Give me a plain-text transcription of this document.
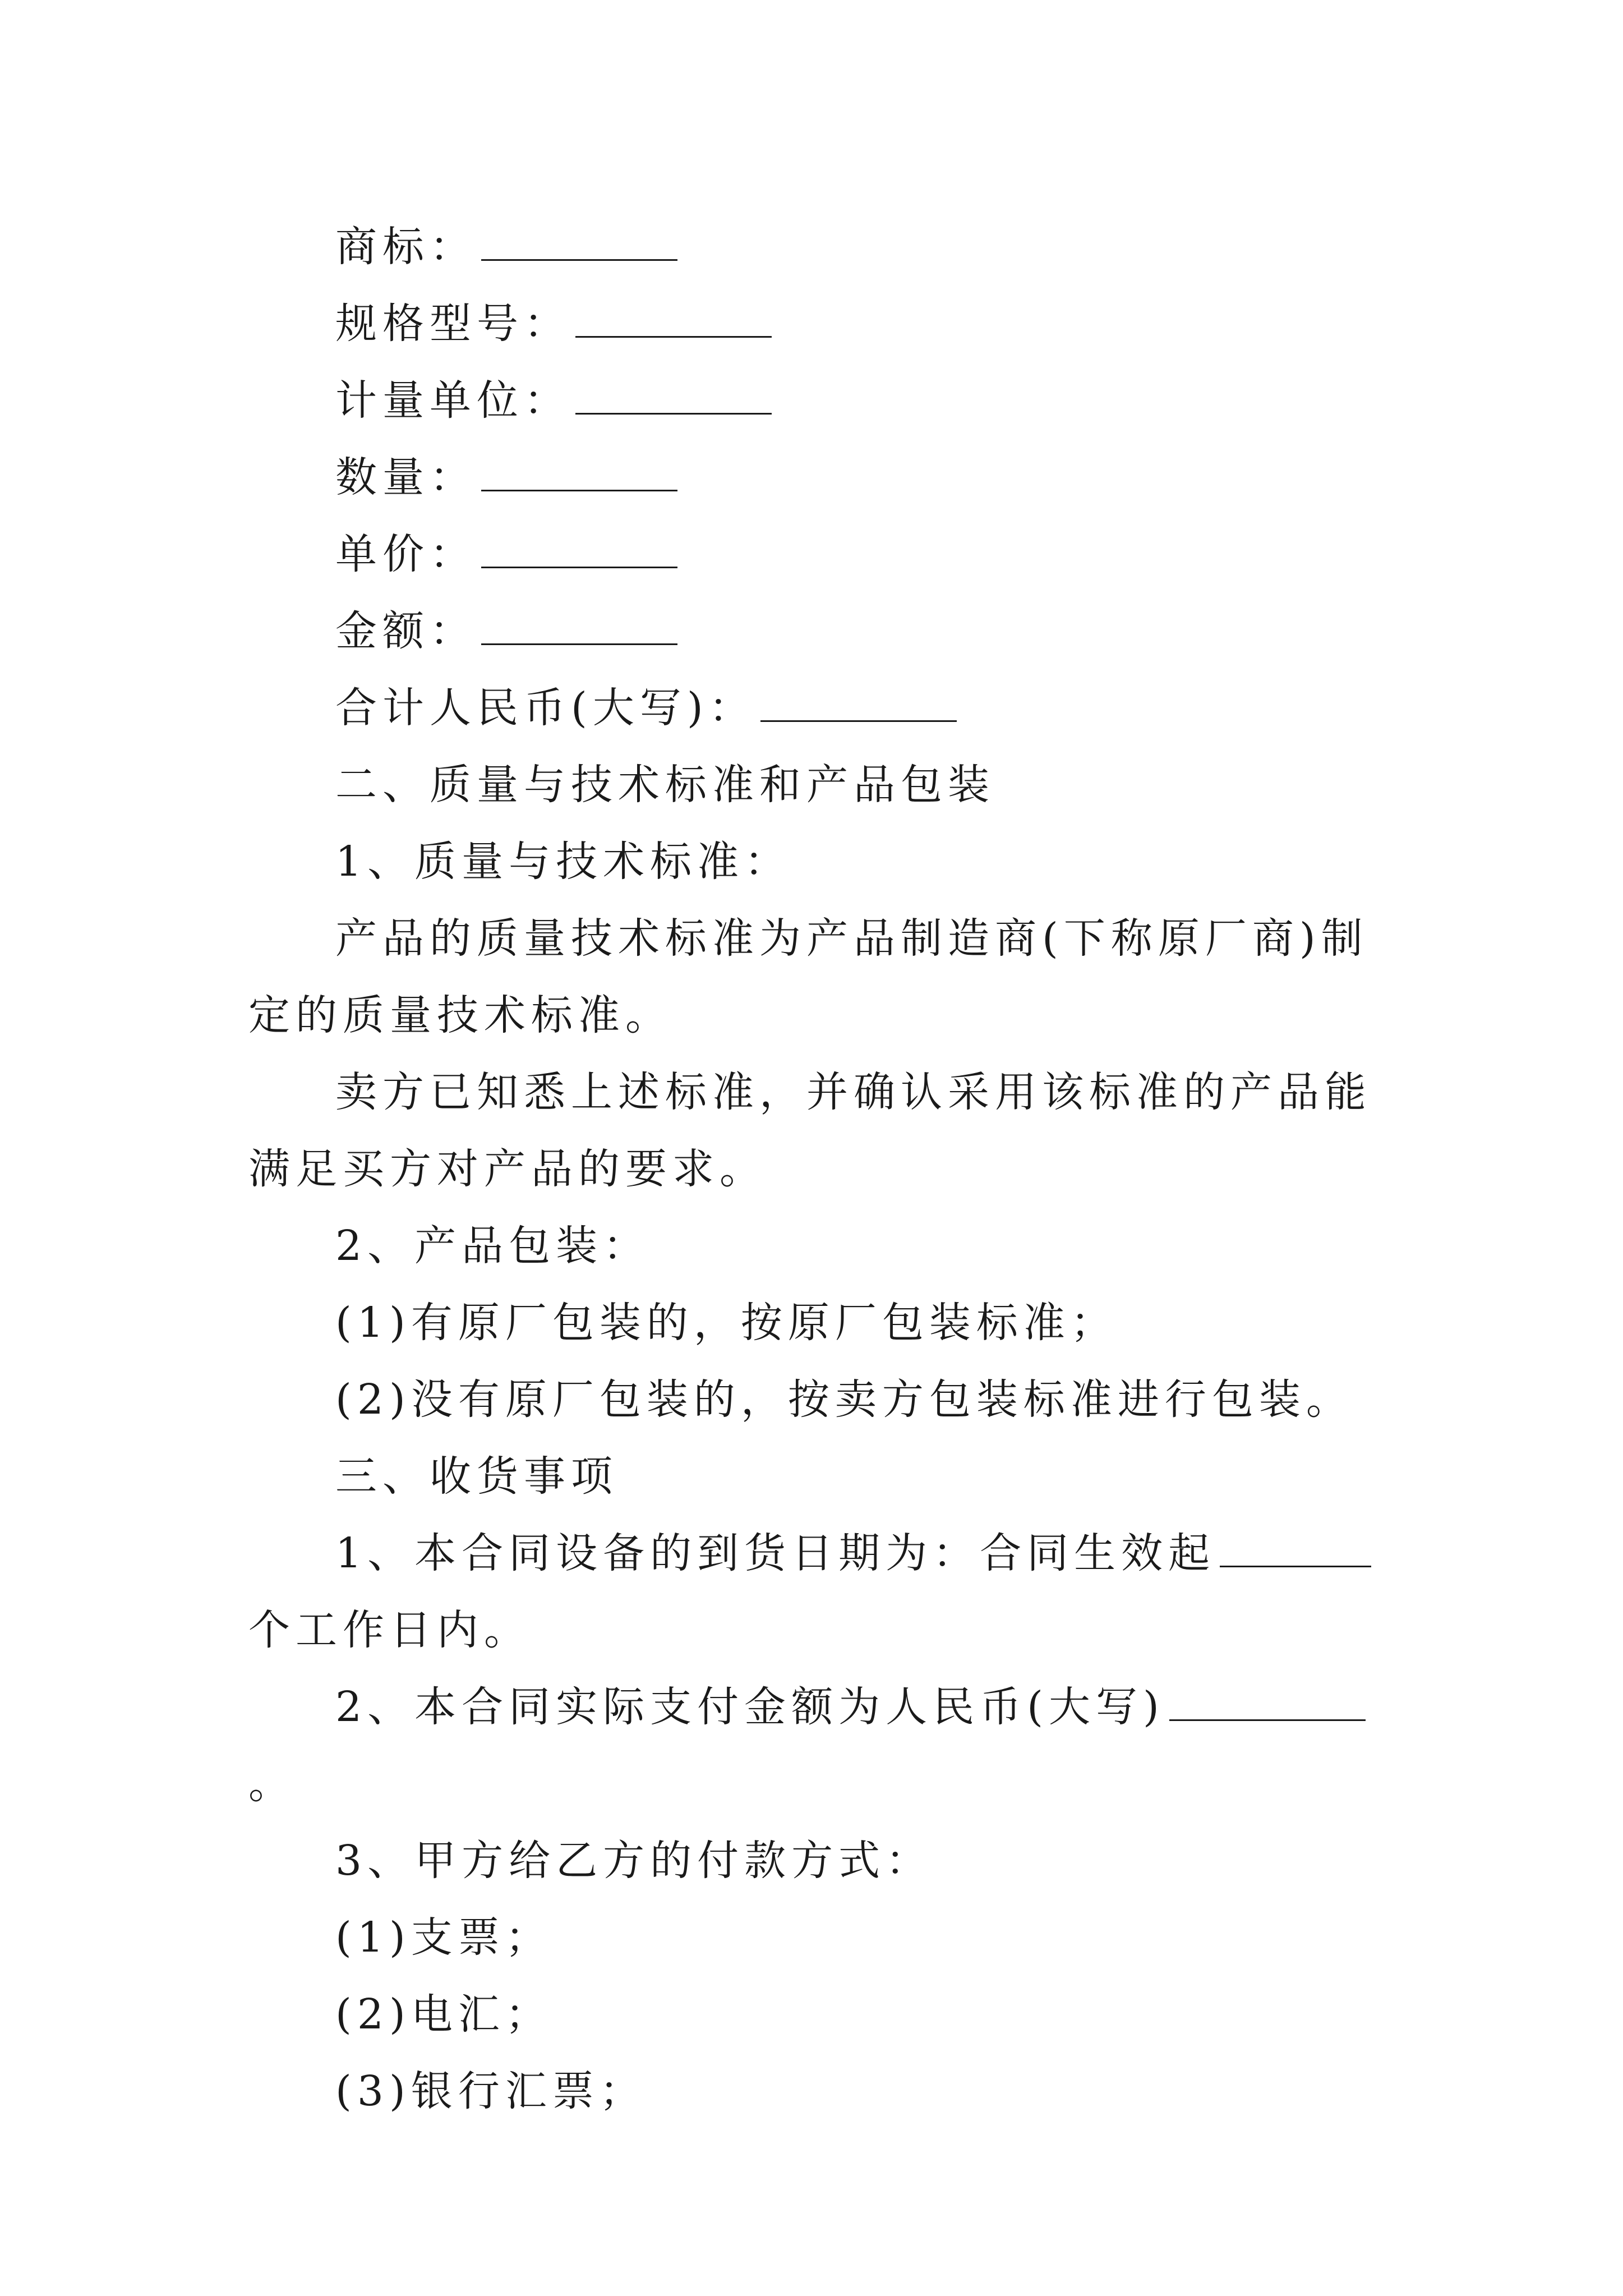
商标：

规格型号：

计量单位：

数量：

单价：

金额：

合计人民币(大写)：

二、质量与技术标准和产品包装

1、质量与技术标准：

产品的质量技术标准为产品制造商(下称原厂商)制定的质量技术标准。

卖方已知悉上述标准，并确认采用该标准的产品能满足买方对产品的要求。

2、产品包装：

(1)有原厂包装的，按原厂包装标准；

(2)没有原厂包装的，按卖方包装标准进行包装。

三、收货事项

1、本合同设备的到货日期为：合同生效起个工作日内。

2、本合同实际支付金额为人民币(大写)。

3、甲方给乙方的付款方式：

(1)支票；

(2)电汇；

(3)银行汇票；
